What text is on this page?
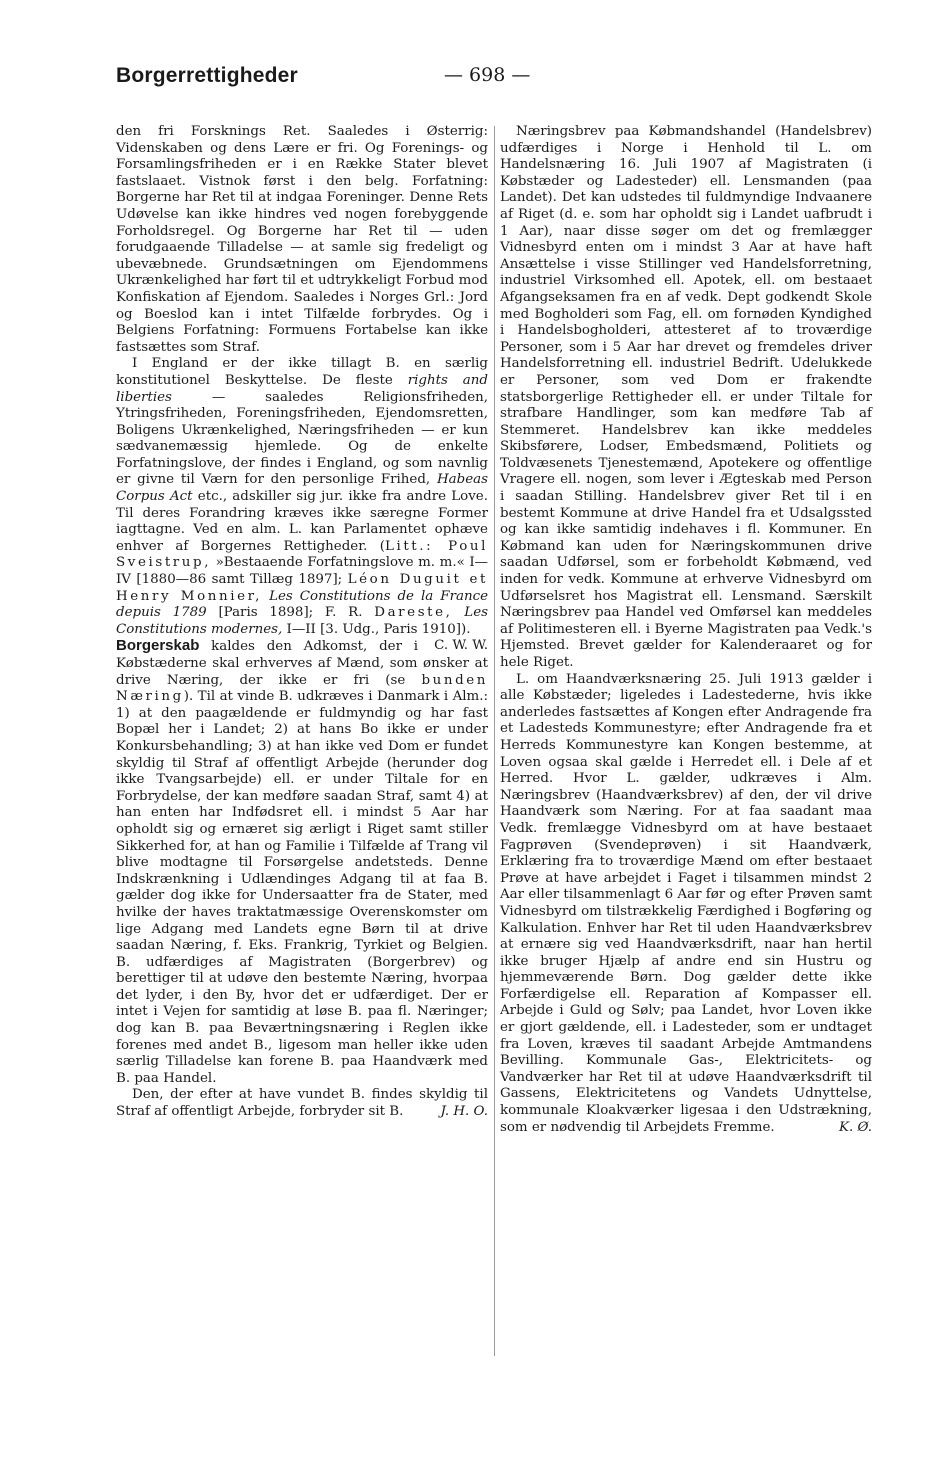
Borgerrettigheder	— 698 —

den fri Forsknings Ret. Saaledes i Østerrig: Videnskaben og dens Lære er fri. Og Forenings- og Forsamlingsfriheden er i en Række Stater blevet fastslaaet. Vistnok først i den belg. Forfatning: Borgerne har Ret til at indgaa Foreninger. Denne Rets Udøvelse kan ikke hindres ved nogen forebyggende Forholdsregel. Og Borgerne har Ret til — uden forudgaaende Tilladelse — at samle sig fredeligt og ubevæbnede. Grundsætningen om Ejendommens Ukrænkelighed har ført til et udtrykkeligt Forbud mod Konfiskation af Ejendom. Saaledes i Norges Grl.: Jord og Boeslod kan i intet Tilfælde forbrydes. Og i Belgiens Forfatning: Formuens Fortabelse kan ikke fastsættes som Straf.

I England er der ikke tillagt B. en særlig konstitutionel Beskyttelse. De fleste rights and liberties — saaledes Religionsfriheden, Ytringsfriheden, Foreningsfriheden, Ejendomsretten, Boligens Ukrænkelighed, Næringsfriheden — er kun sædvanemæssig hjemlede. Og de enkelte Forfatningslove, der findes i England, og som navnlig er givne til Værn for den personlige Frihed, Habeas Corpus Act etc., adskiller sig jur. ikke fra andre Love. Til deres Forandring kræves ikke særegne Former iagttagne. Ved en alm. L. kan Parlamentet ophæve enhver af Borgernes Rettigheder. (Litt.: Poul Sveistrup, »Bestaaende Forfatningslove m. m.« I—IV [1880—86 samt Tillæg 1897]; Léon Duguit et Henry Monnier, Les Constitutions de la France depuis 1789 [Paris 1898]; F. R. Dareste, Les Constitutions modernes, I—II [3. Udg., Paris 1910]).
C. W. W.

Borgerskab kaldes den Adkomst, der i Købstæderne skal erhverves af Mænd, som ønsker at drive Næring, der ikke er fri (se bunden Næring). Til at vinde B. udkræves i Danmark i Alm.: 1) at den paagældende er fuldmyndig og har fast Bopæl her i Landet; 2) at hans Bo ikke er under Konkursbehandling; 3) at han ikke ved Dom er fundet skyldig til Straf af offentligt Arbejde (herunder dog ikke Tvangsarbejde) ell. er under Tiltale for en Forbrydelse, der kan medføre saadan Straf, samt 4) at han enten har Indfødsret ell. i mindst 5 Aar har opholdt sig og ernæret sig ærligt i Riget samt stiller Sikkerhed for, at han og Familie i Tilfælde af Trang vil blive modtagne til Forsørgelse andetsteds. Denne Indskrænkning i Udlændinges Adgang til at faa B. gælder dog ikke for Undersaatter fra de Stater, med hvilke der haves traktatmæssige Overenskomster om lige Adgang med Landets egne Børn til at drive saadan Næring, f. Eks. Frankrig, Tyrkiet og Belgien. B. udfærdiges af Magistraten (Borgerbrev) og berettiger til at udøve den bestemte Næring, hvorpaa det lyder, i den By, hvor det er udfærdiget. Der er intet i Vejen for samtidig at løse B. paa fl. Næringer; dog kan B. paa Beværtningsnæring i Reglen ikke forenes med andet B., ligesom man heller ikke uden særlig Tilladelse kan forene B. paa Haandværk med B. paa Handel.

Den, der efter at have vundet B. findes skyldig til Straf af offentligt Arbejde, forbryder sit B.	J. H. O.

Næringsbrev paa Købmandshandel (Handelsbrev) udfærdiges i Norge i Henhold til L. om Handelsnæring 16. Juli 1907 af Magistraten (i Købstæder og Ladesteder) ell. Lensmanden (paa Landet). Det kan udstedes til fuldmyndige Indvaanere af Riget (d. e. som har opholdt sig i Landet uafbrudt i 1 Aar), naar disse søger om det og fremlægger Vidnesbyrd enten om i mindst 3 Aar at have haft Ansættelse i visse Stillinger ved Handelsforretning, industriel Virksomhed ell. Apotek, ell. om bestaaet Afgangseksamen fra en af vedk. Dept godkendt Skole med Bogholderi som Fag, ell. om fornøden Kyndighed i Handelsbogholderi, attesteret af to troværdige Personer, som i 5 Aar har drevet og fremdeles driver Handelsforretning ell. industriel Bedrift. Udelukkede er Personer, som ved Dom er frakendte statsborgerlige Rettigheder ell. er under Tiltale for strafbare Handlinger, som kan medføre Tab af Stemmeret. Handelsbrev kan ikke meddeles Skibsførere, Lodser, Embedsmænd, Politiets og Toldvæsenets Tjenestemænd, Apotekere og offentlige Vragere ell. nogen, som lever i Ægteskab med Person i saadan Stilling. Handelsbrev giver Ret til i en bestemt Kommune at drive Handel fra et Udsalgssted og kan ikke samtidig indehaves i fl. Kommuner. En Købmand kan uden for Næringskommunen drive saadan Udførsel, som er forbeholdt Købmænd, ved inden for vedk. Kommune at erhverve Vidnesbyrd om Udførselsret hos Magistrat ell. Lensmand. Særskilt Næringsbrev paa Handel ved Omførsel kan meddeles af Politimesteren ell. i Byerne Magistraten paa Vedk.'s Hjemsted. Brevet gælder for Kalenderaaret og for hele Riget.

L. om Haandværksnæring 25. Juli 1913 gælder i alle Købstæder; ligeledes i Ladestederne, hvis ikke anderledes fastsættes af Kongen efter Andragende fra et Ladesteds Kommunestyre; efter Andragende fra et Herreds Kommunestyre kan Kongen bestemme, at Loven ogsaa skal gælde i Herredet ell. i Dele af et Herred. Hvor L. gælder, udkræves i Alm. Næringsbrev (Haandværksbrev) af den, der vil drive Haandværk som Næring. For at faa saadant maa Vedk. fremlægge Vidnesbyrd om at have bestaaet Fagprøven (Svendeprøven) i sit Haandværk, Erklæring fra to troværdige Mænd om efter bestaaet Prøve at have arbejdet i Faget i tilsammen mindst 2 Aar eller tilsammenlagt 6 Aar før og efter Prøven samt Vidnesbyrd om tilstrækkelig Færdighed i Bogføring og Kalkulation. Enhver har Ret til uden Haandværksbrev at ernære sig ved Haandværksdrift, naar han hertil ikke bruger Hjælp af andre end sin Hustru og hjemmeværende Børn. Dog gælder dette ikke Forfærdigelse ell. Reparation af Kompasser ell. Arbejde i Guld og Sølv; paa Landet, hvor Loven ikke er gjort gældende, ell. i Ladesteder, som er undtaget fra Loven, kræves til saadant Arbejde Amtmandens Bevilling. Kommunale Gas-, Elektricitets- og Vandværker har Ret til at udøve Haandværksdrift til Gassens, Elektricitetens og Vandets Udnyttelse, kommunale Kloakværker ligesaa i den Udstrækning, som er nødvendig til Arbejdets Fremme.	K. Ø.
